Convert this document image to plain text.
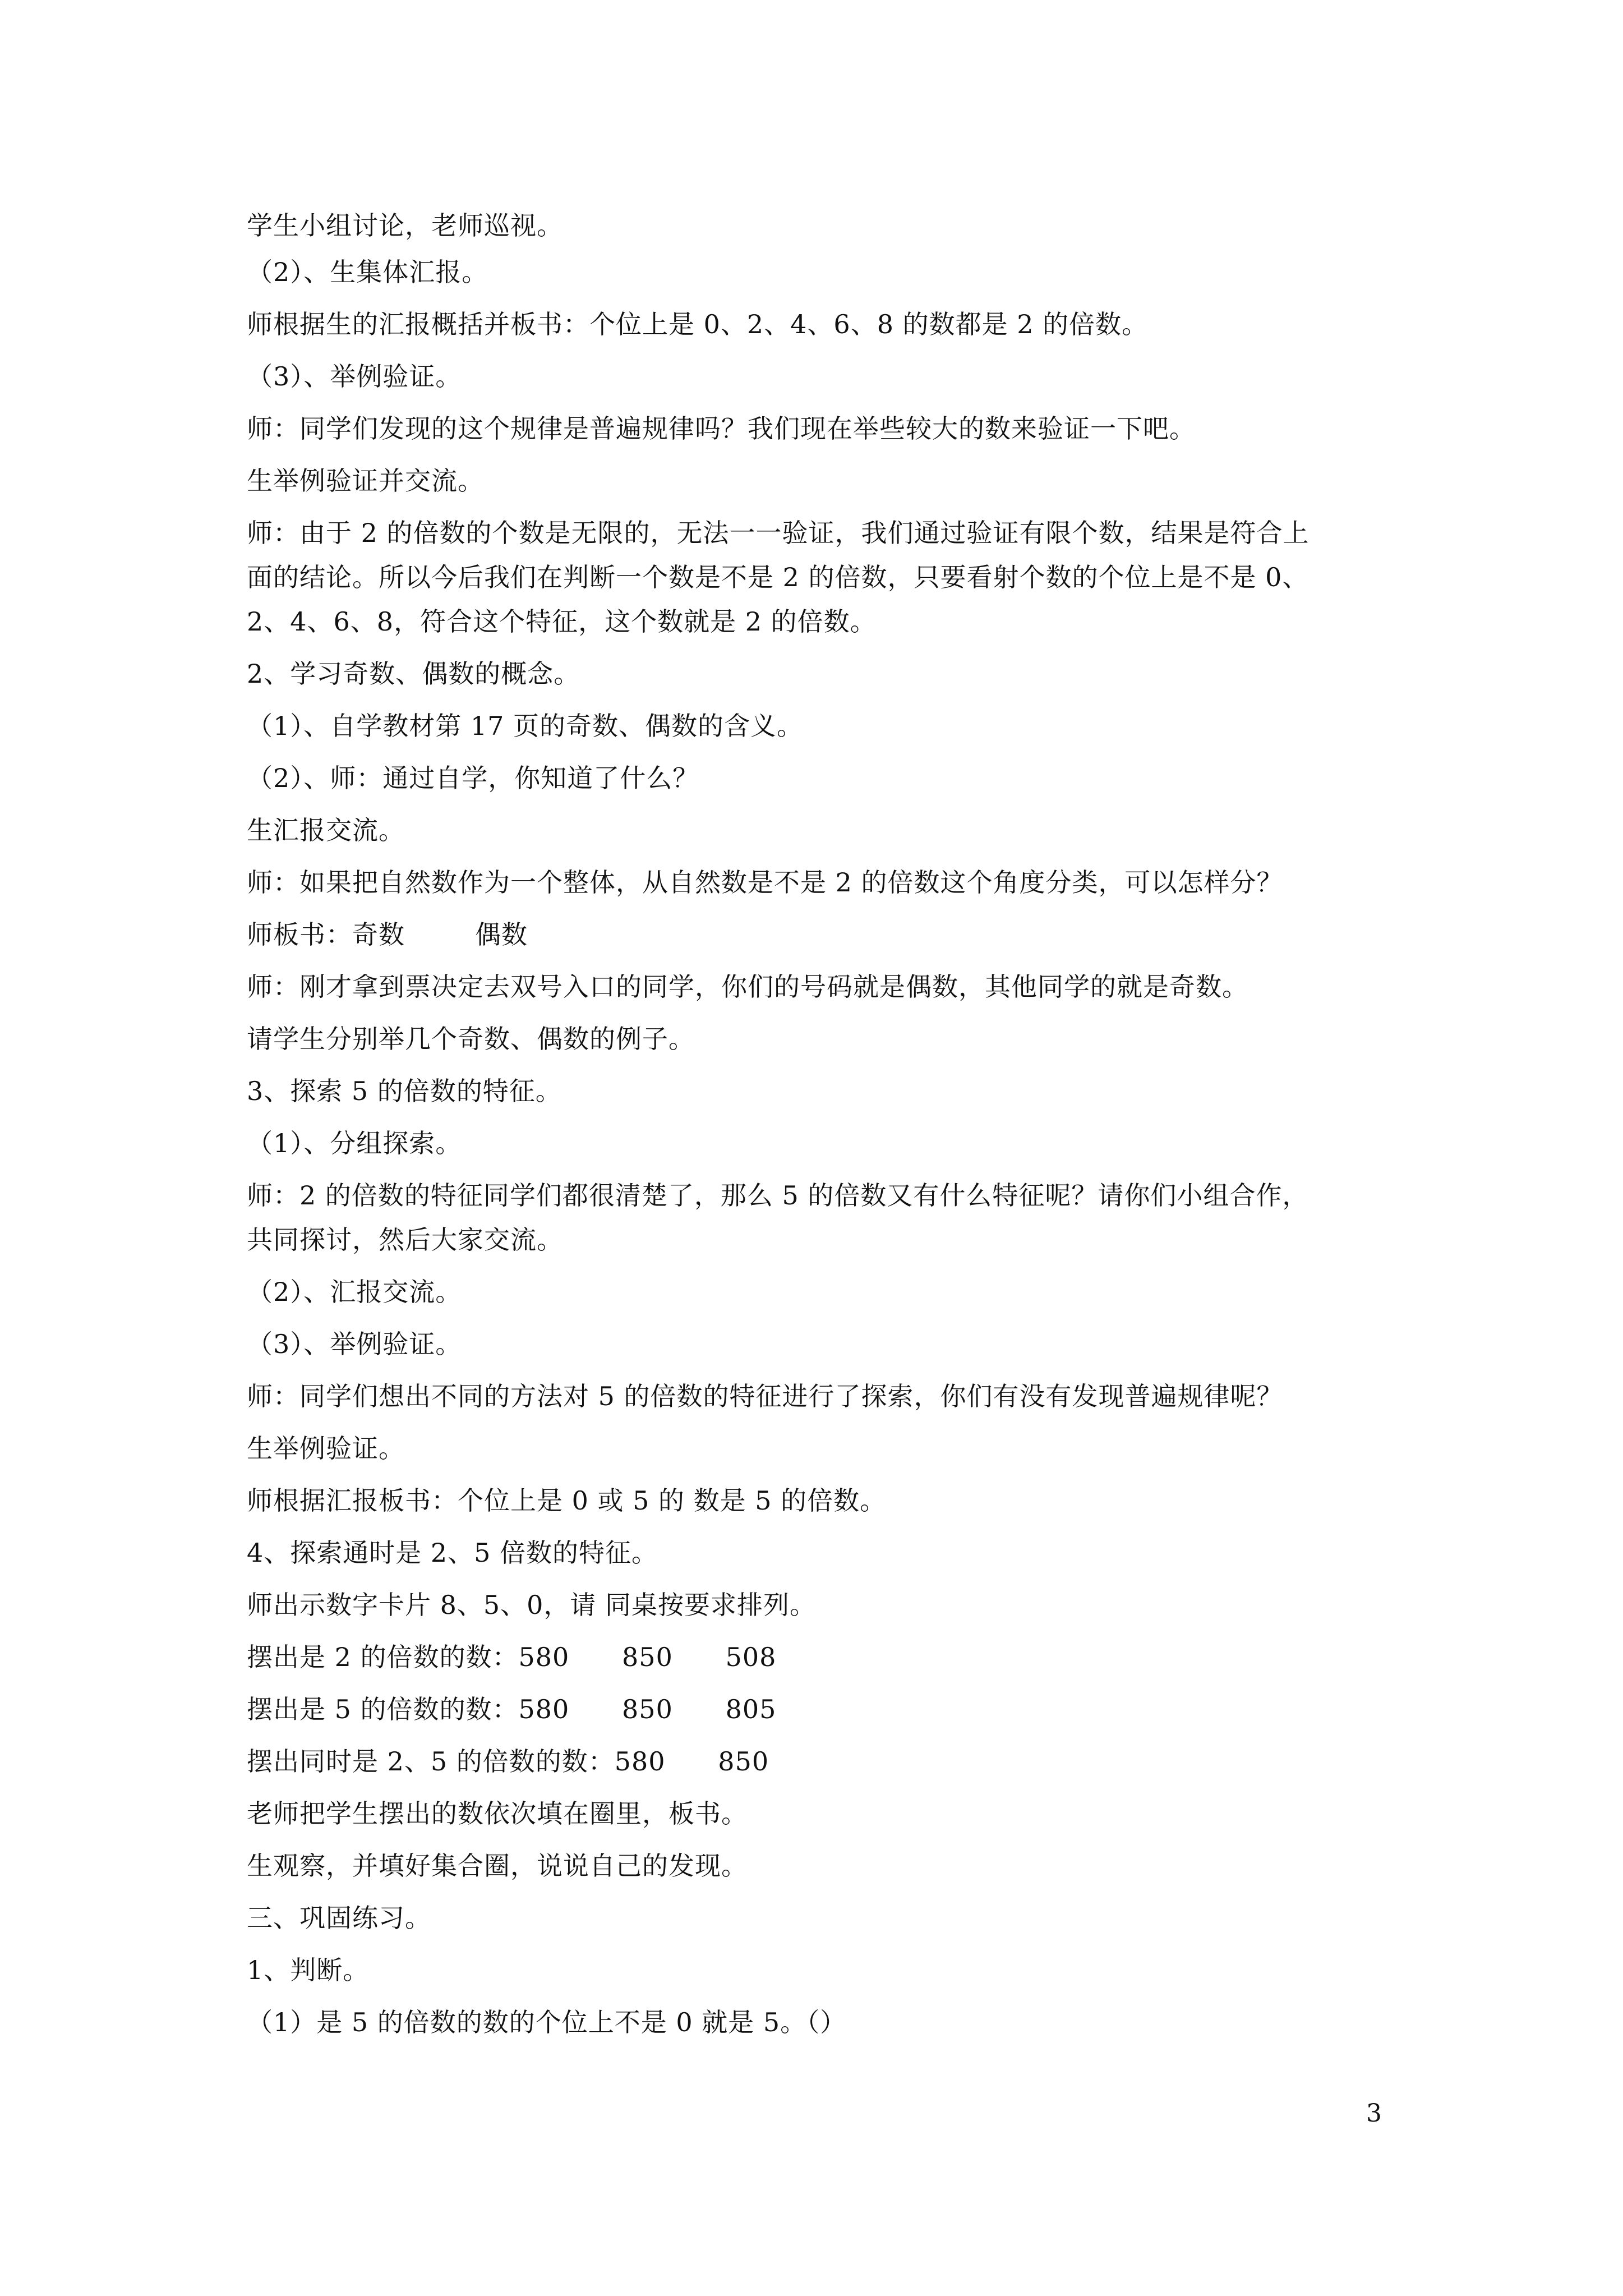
学生小组讨论，老师巡视。
（2）、生集体汇报。
师根据生的汇报概括并板书：个位上是 0、2、4、6、8 的数都是 2 的倍数。
（3）、举例验证。
师：同学们发现的这个规律是普遍规律吗？我们现在举些较大的数来验证一下吧。
生举例验证并交流。
师：由于 2 的倍数的个数是无限的，无法一一验证，我们通过验证有限个数，结果是符合上
面的结论。所以今后我们在判断一个数是不是 2 的倍数，只要看射个数的个位上是不是 0、
2、4、6、8，符合这个特征，这个数就是 2 的倍数。
2、学习奇数、偶数的概念。
（1）、自学教材第 17 页的奇数、偶数的含义。
（2）、师：通过自学，你知道了什么？
生汇报交流。
师：如果把自然数作为一个整体，从自然数是不是 2 的倍数这个角度分类，可以怎样分？
师板书：奇数        偶数
师：刚才拿到票决定去双号入口的同学，你们的号码就是偶数，其他同学的就是奇数。
请学生分别举几个奇数、偶数的例子。
3、探索 5 的倍数的特征。
（1）、分组探索。
师：2 的倍数的特征同学们都很清楚了，那么 5 的倍数又有什么特征呢？请你们小组合作，
共同探讨，然后大家交流。
（2）、汇报交流。
（3）、举例验证。
师：同学们想出不同的方法对 5 的倍数的特征进行了探索，你们有没有发现普遍规律呢？
生举例验证。
师根据汇报板书：个位上是 0 或 5 的 数是 5 的倍数。
4、探索通时是 2、5 倍数的特征。
师出示数字卡片 8、5、0，请 同桌按要求排列。
摆出是 2 的倍数的数：580      850      508
摆出是 5 的倍数的数：580      850      805
摆出同时是 2、5 的倍数的数：580      850
老师把学生摆出的数依次填在圈里，板书。
生观察，并填好集合圈，说说自己的发现。
三、巩固练习。
1、判断。
（1）是 5 的倍数的数的个位上不是 0 就是 5。（）
3
